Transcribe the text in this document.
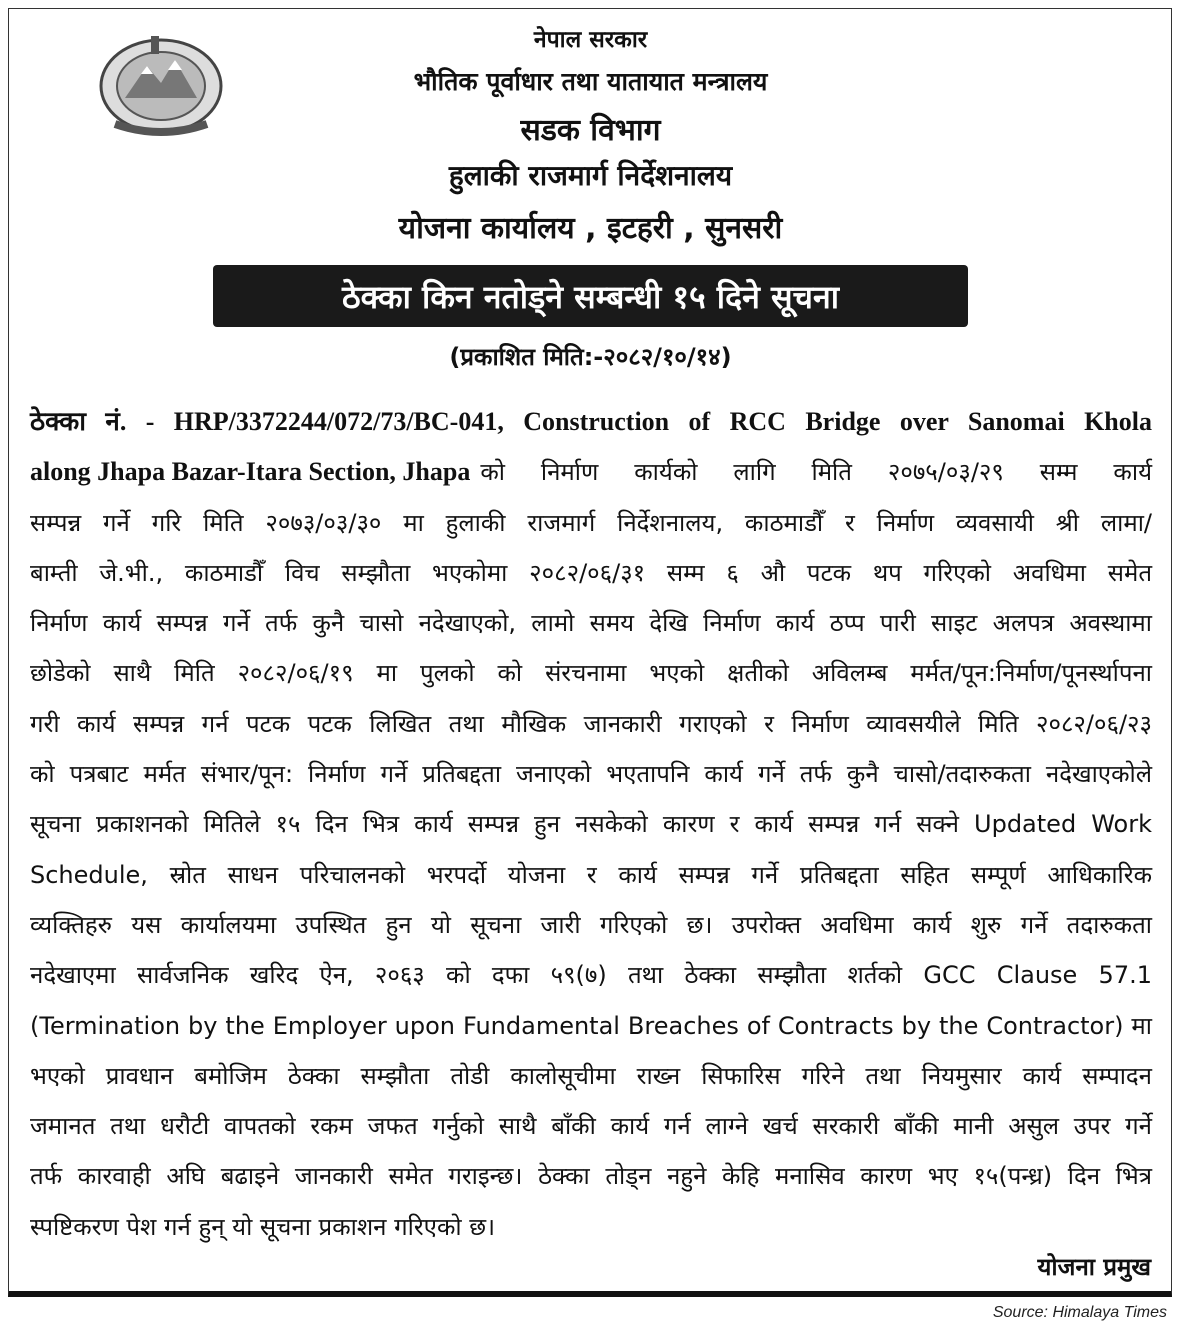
नेपाल सरकार
भौतिक पूर्वाधार तथा यातायात मन्त्रालय
सडक विभाग
हुलाकी राजमार्ग निर्देशनालय
योजना कार्यालय , इटहरी , सुनसरी
ठेक्का किन नतोड्ने सम्बन्धी १५ दिने सूचना
(प्रकाशित मिति:-२०८२/१०/१४)
ठेक्का नं. - HRP/3372244/072/73/BC-041, Construction of RCC Bridge over Sanomai Khola
along Jhapa Bazar-Itara Section, Jhapa को निर्माण कार्यको लागि मिति २०७५/०३/२९ सम्म कार्य
सम्पन्न गर्ने गरि मिति २०७३/०३/३० मा हुलाकी राजमार्ग निर्देशनालय, काठमाडौँ र निर्माण व्यवसायी श्री लामा/
बाम्ती जे.भी., काठमाडौँ विच सम्झौता भएकोमा २०८२/०६/३१ सम्म ६ औ पटक थप गरिएको अवधिमा समेत
निर्माण कार्य सम्पन्न गर्ने तर्फ कुनै चासो नदेखाएको, लामो समय देखि निर्माण कार्य ठप्प पारी साइट अलपत्र अवस्थामा
छोडेको साथै मिति २०८२/०६/१९ मा पुलको को संरचनामा भएको क्षतीको अविलम्ब मर्मत/पून:निर्माण/पूनर्स्थापना
गरी कार्य सम्पन्न गर्न पटक पटक लिखित तथा मौखिक जानकारी गराएको र निर्माण व्यावसयीले मिति २०८२/०६/२३
को पत्रबाट मर्मत संभार/पून: निर्माण गर्ने प्रतिबद्दता जनाएको भएतापनि कार्य गर्ने तर्फ कुनै चासो/तदारुकता नदेखाएकोले
सूचना प्रकाशनको मितिले १५ दिन भित्र कार्य सम्पन्न हुन नसकेको कारण र कार्य सम्पन्न गर्न सक्ने Updated Work
Schedule, स्रोत साधन परिचालनको भरपर्दो योजना र कार्य सम्पन्न गर्ने प्रतिबद्दता सहित सम्पूर्ण आधिकारिक
व्यक्तिहरु यस कार्यालयमा उपस्थित हुन यो सूचना जारी गरिएको छ। उपरोक्त अवधिमा कार्य शुरु गर्ने तदारुकता
नदेखाएमा सार्वजनिक खरिद ऐन, २०६३ को दफा ५९(७) तथा ठेक्का सम्झौता शर्तको GCC Clause 57.1
(Termination by the Employer upon Fundamental Breaches of Contracts by the Contractor) मा
भएको प्रावधान बमोजिम ठेक्का सम्झौता तोडी कालोसूचीमा राख्न सिफारिस गरिने तथा नियमुसार कार्य सम्पादन
जमानत तथा धरौटी वापतको रकम जफत गर्नुको साथै बाँकी कार्य गर्न लाग्ने खर्च सरकारी बाँकी मानी असुल उपर गर्ने
तर्फ कारवाही अघि बढाइने जानकारी समेत गराइन्छ। ठेक्का तोड्न नहुने केहि मनासिव कारण भए १५(पन्ध्र) दिन भित्र
स्पष्टिकरण पेश गर्न हुन् यो सूचना प्रकाशन गरिएको छ।
योजना प्रमुख
Source: Himalaya Times
